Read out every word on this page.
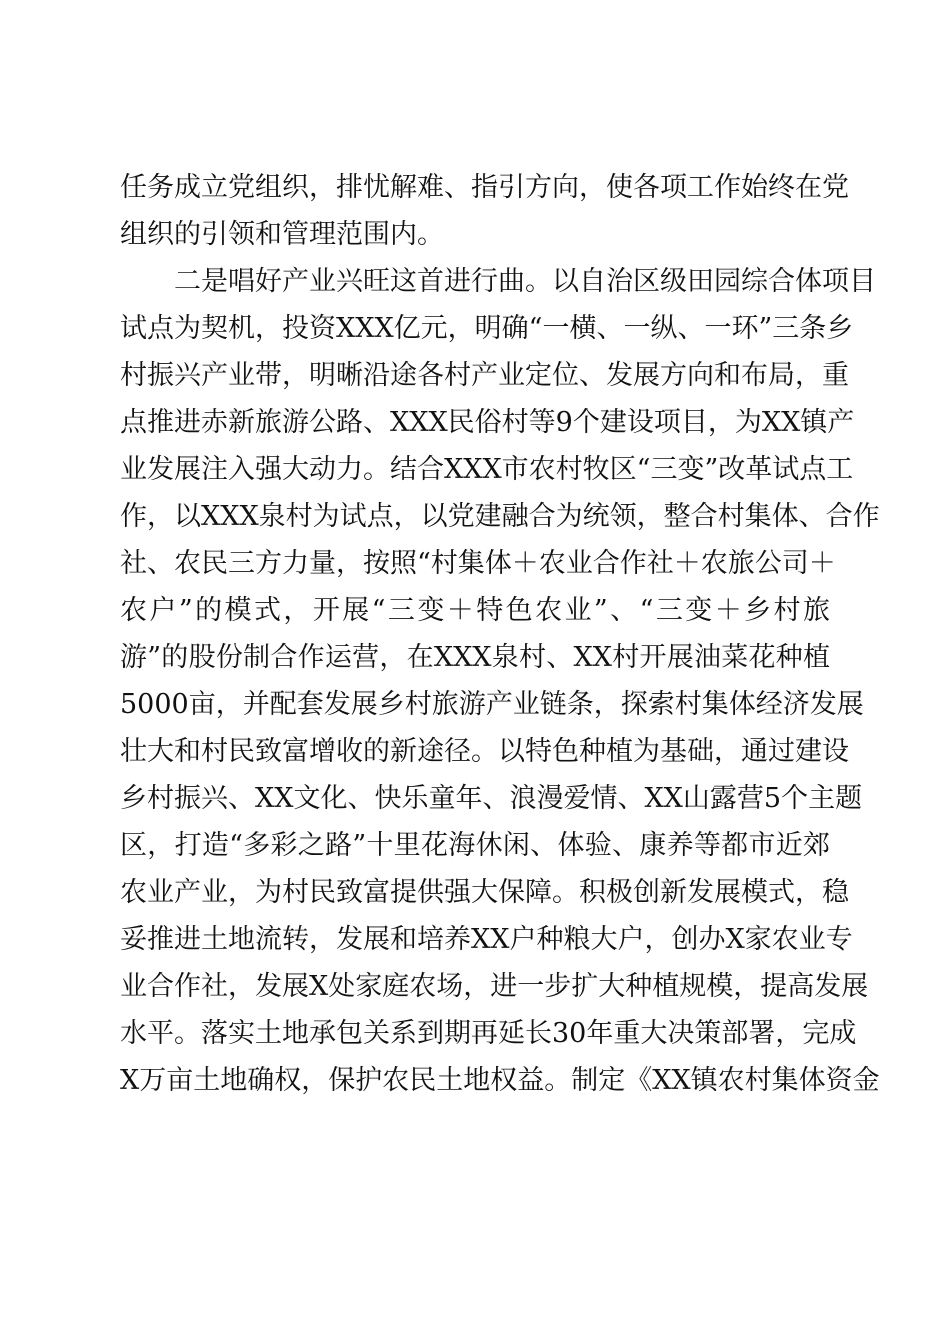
任务成立党组织，排忧解难、指引方向，使各项工作始终在党
组织的引领和管理范围内。
二是唱好产业兴旺这首进行曲。以自治区级田园综合体项目
试点为契机，投资XXX亿元，明确“一横、一纵、一环”三条乡
村振兴产业带，明晰沿途各村产业定位、发展方向和布局，重
点推进赤新旅游公路、XXX民俗村等9个建设项目，为XX镇产
业发展注入强大动力。结合XXX市农村牧区“三变”改革试点工
作，以XXX泉村为试点，以党建融合为统领，整合村集体、合作
社、农民三方力量，按照“村集体＋农业合作社＋农旅公司＋
农户”的模式，开展“三变＋特色农业”、“三变＋乡村旅
游”的股份制合作运营，在XXX泉村、XX村开展油菜花种植
5000亩，并配套发展乡村旅游产业链条，探索村集体经济发展
壮大和村民致富增收的新途径。以特色种植为基础，通过建设
乡村振兴、XX文化、快乐童年、浪漫爱情、XX山露营5个主题
区，打造“多彩之路”十里花海休闲、体验、康养等都市近郊
农业产业，为村民致富提供强大保障。积极创新发展模式，稳
妥推进土地流转，发展和培养XX户种粮大户，创办X家农业专
业合作社，发展X处家庭农场，进一步扩大种植规模，提高发展
水平。落实土地承包关系到期再延长30年重大决策部署，完成
X万亩土地确权，保护农民土地权益。制定《XX镇农村集体资金
